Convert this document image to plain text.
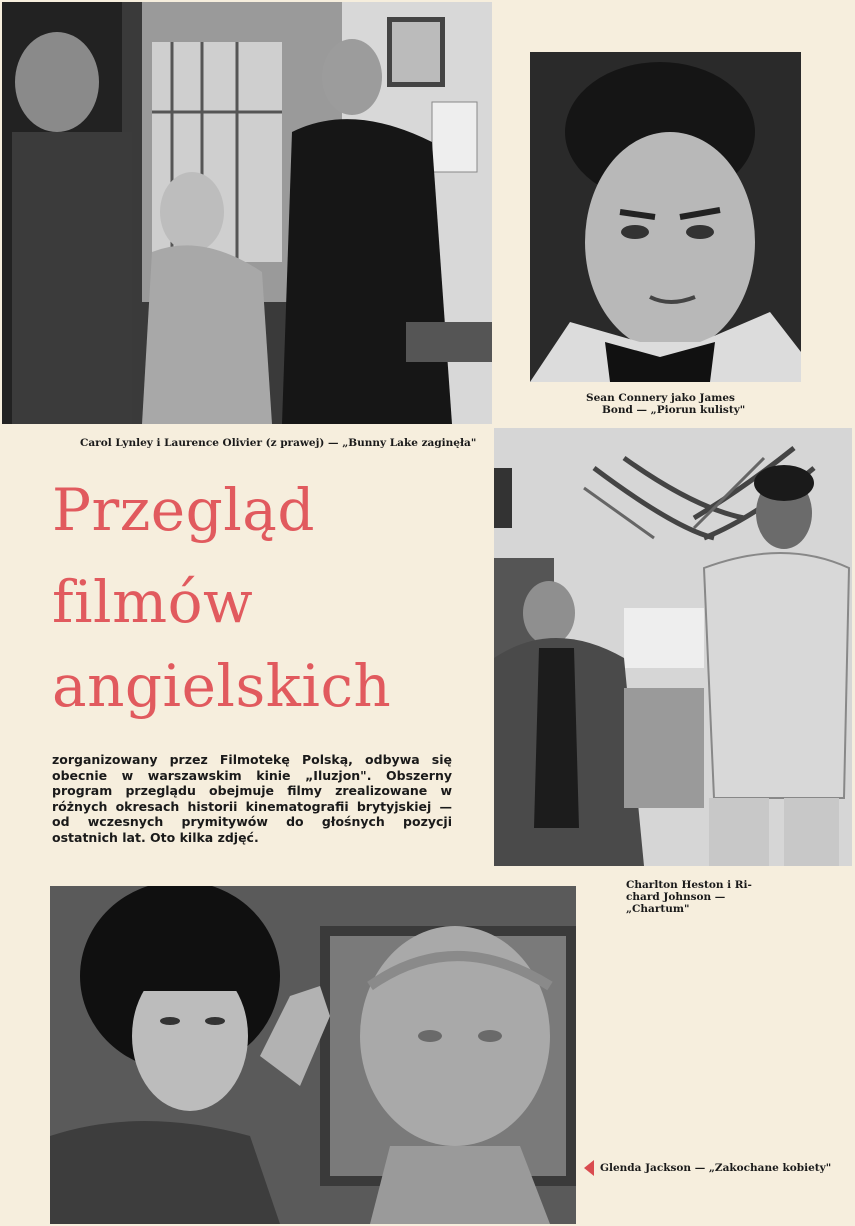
Sean Connery jako James
Bond — „Piorun kulisty"
Carol Lynley i Laurence Olivier (z prawej) — „Bunny Lake zaginęła"
Charlton Heston i Ri-
chard Johnson — „Chartum"
Przegląd
filmów
angielskich
zorganizowany przez Filmotekę Polską, odbywa się obecnie w warszawskim kinie „Iluzjon". Obszerny program przeglądu obejmuje filmy zrealizowane w różnych okresach historii kinematografii brytyjskiej — od wczesnych prymitywów do głośnych pozycji ostatnich lat. Oto kilka zdjęć.
Glenda Jackson — „Zakochane kobiety"
